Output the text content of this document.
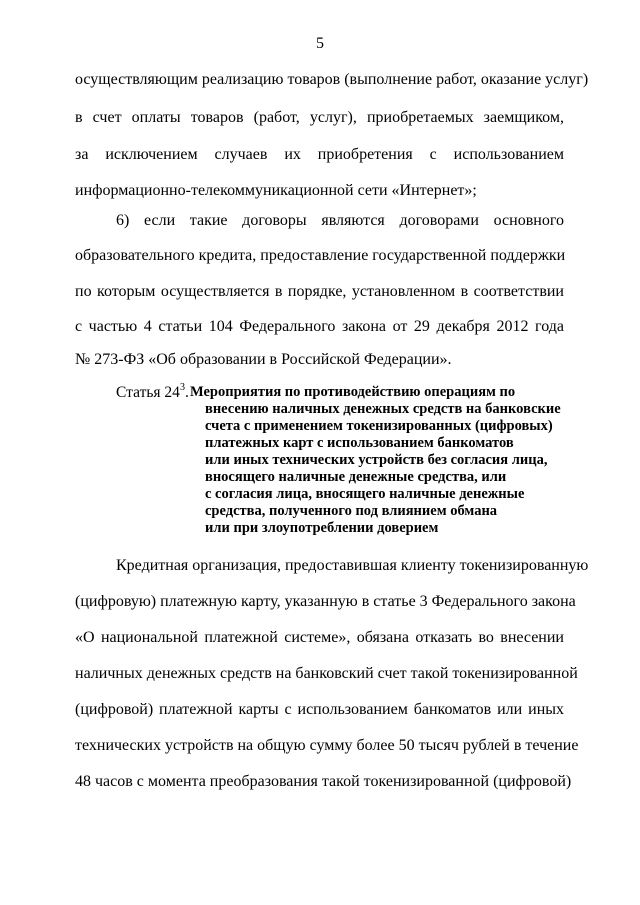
5
осуществляющим реализацию товаров (выполнение работ, оказание услуг)
в счет оплаты товаров (работ, услуг), приобретаемых заемщиком,
за исключением случаев их приобретения с использованием
информационно-телекоммуникационной сети «Интернет»;
6) если такие договоры являются договорами основного
образовательного кредита, предоставление государственной поддержки
по которым осуществляется в порядке, установленном в соответствии
с частью 4 статьи 104 Федерального закона от 29 декабря 2012 года
№ 273-ФЗ «Об образовании в Российской Федерации».
Статья $24^3$. Мероприятия по противодействию операциям по
внесению наличных денежных средств на банковские
счета с применением токенизированных (цифровых)
платежных карт с использованием банкоматов
или иных технических устройств без согласия лица,
вносящего наличные денежные средства, или
с согласия лица, вносящего наличные денежные
средства, полученного под влиянием обмана
или при злоупотреблении доверием
Кредитная организация, предоставившая клиенту токенизированную
(цифровую) платежную карту, указанную в статье 3 Федерального закона
«О национальной платежной системе», обязана отказать во внесении
наличных денежных средств на банковский счет такой токенизированной
(цифровой) платежной карты с использованием банкоматов или иных
технических устройств на общую сумму более 50 тысяч рублей в течение
48 часов с момента преобразования такой токенизированной (цифровой)
